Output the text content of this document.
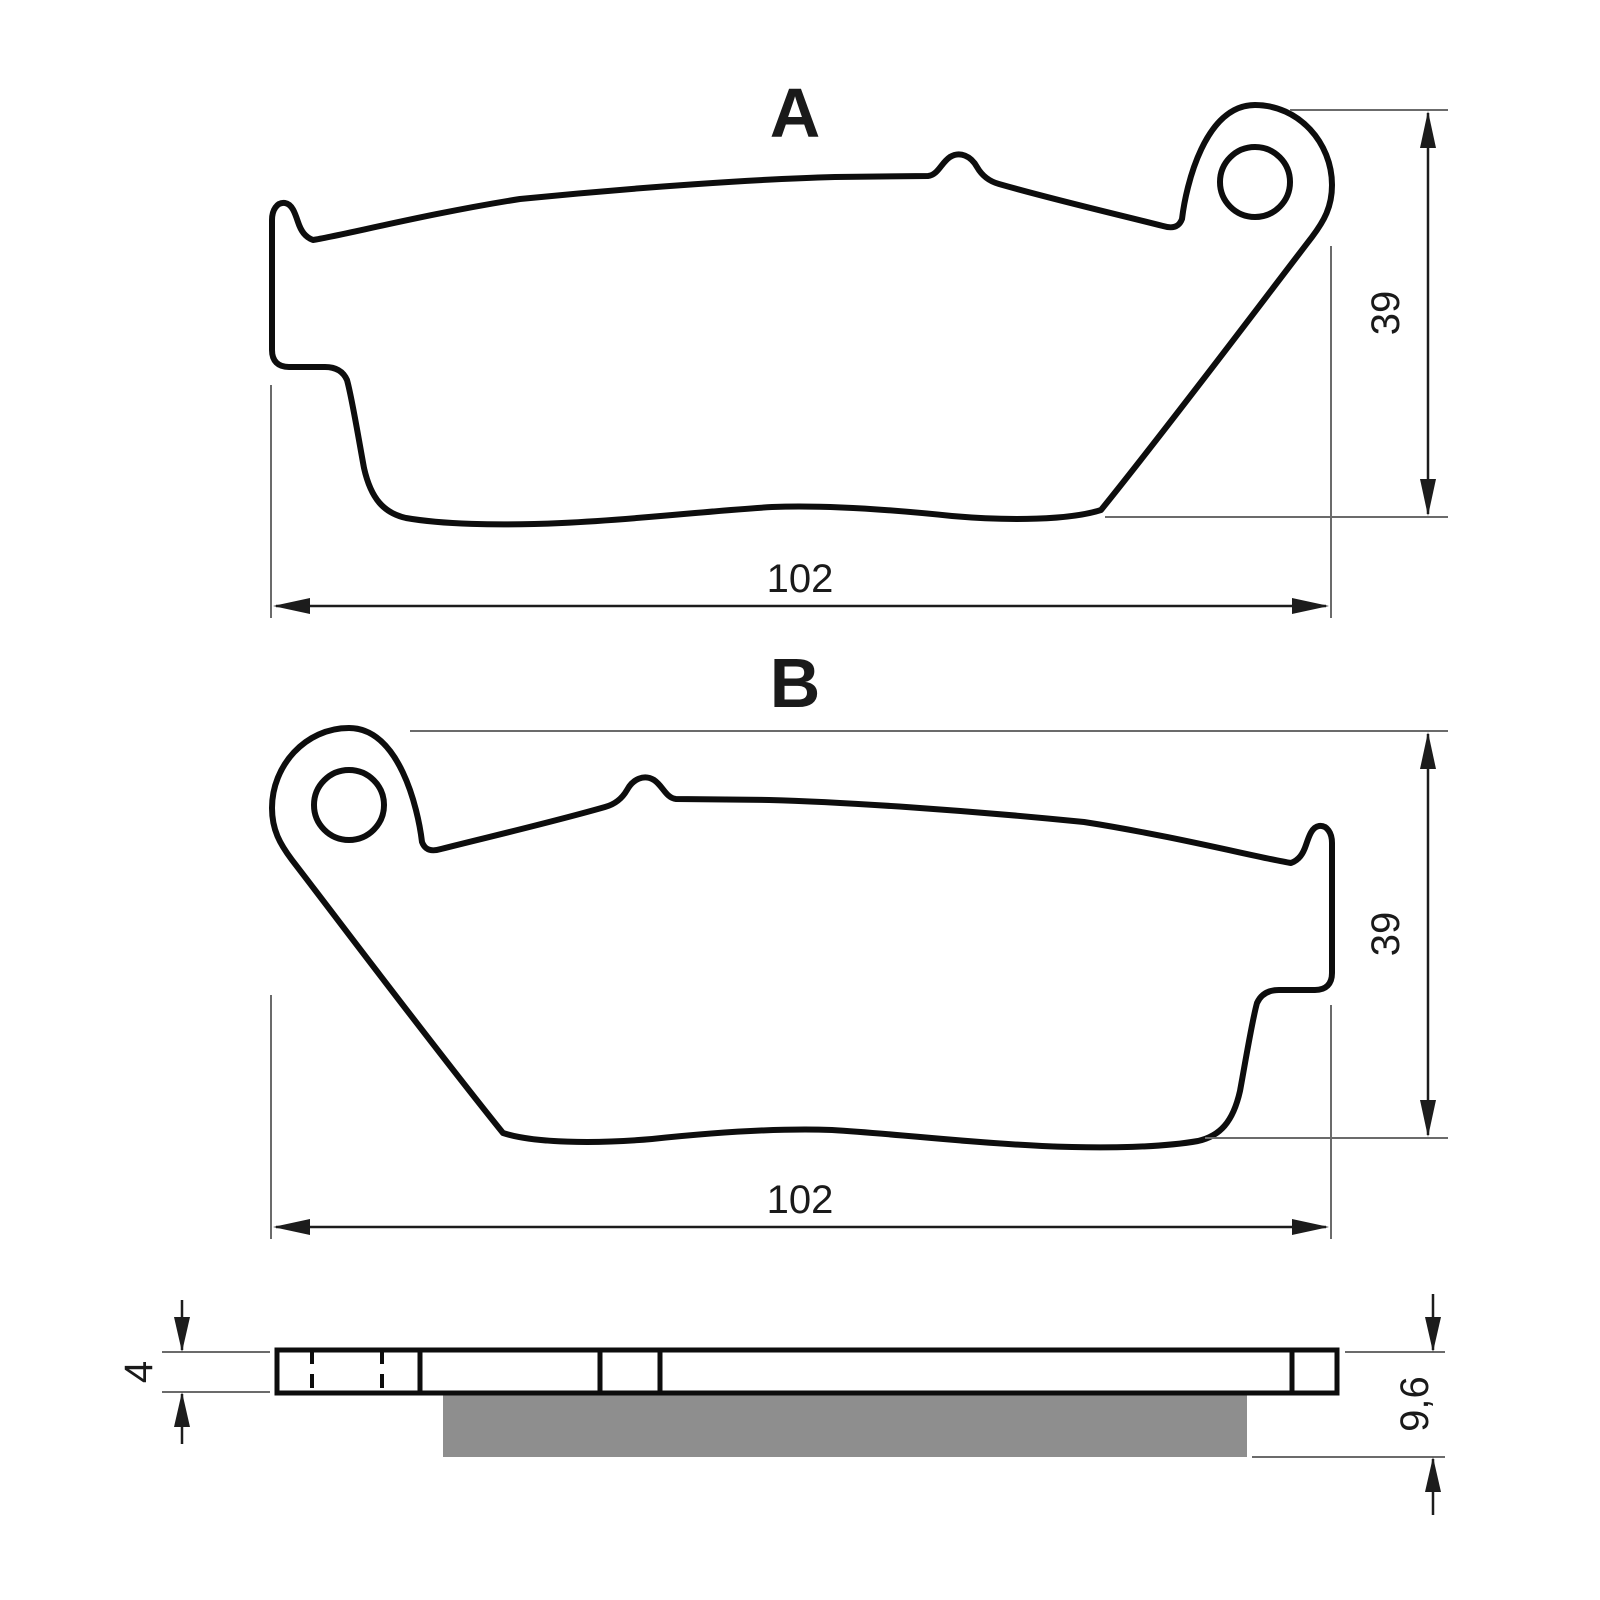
A
102
39
B
102
39
4
9,6
